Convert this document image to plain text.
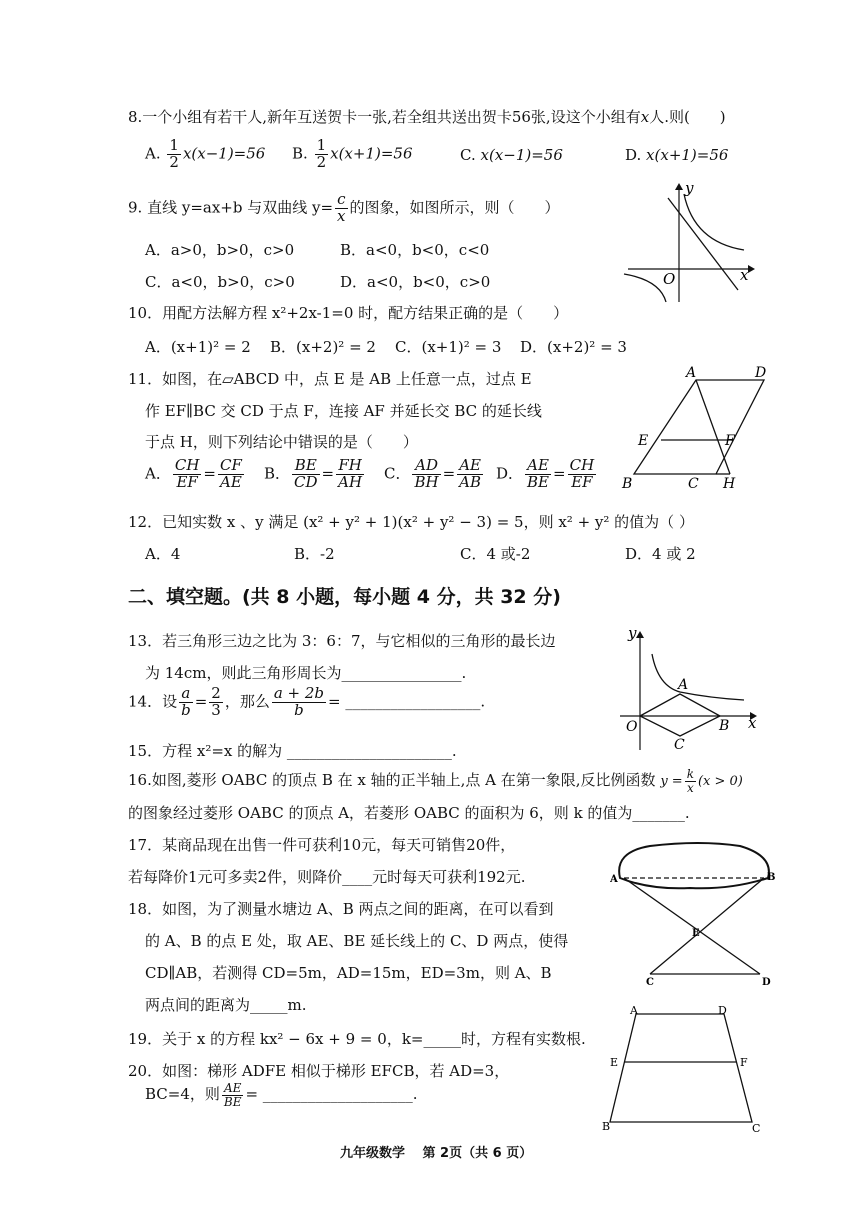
8.一个小组有若干人,新年互送贺卡一张,若全组共送出贺卡56张,设这个小组有x人.则(　　)
A. $\frac{1}{2} x(x-1)=56$ B. $\frac{1}{2} x(x+1)=56$	C. x(x−1)=56	D. x(x+1)=56
9. 直线 y=ax+b 与双曲线 $y= \frac{c}{x}$ 的图象，如图所示，则（　　）
A．a>0，b>0，c>0	B．a<0，b<0，c<0
C．a<0，b>0，c>0	D．a<0，b<0，c>0
y
x
O
10．用配方法解方程 x²+2x-1=0 时，配方结果正确的是（　　）
A．(x+1)² = 2 B．(x+2)² = 2 C．(x+1)² = 3 D．(x+2)² = 3
11．如图，在▱ABCD 中，点 E 是 AB 上任意一点，过点 E
作 EF∥BC 交 CD 于点 F，连接 AF 并延长交 BC 的延长线
于点 H，则下列结论中错误的是（　　）
A． $\frac{CH}{EF} = \frac{CF}{AE}$ B． $\frac{BE}{CD} = \frac{FH}{AH}$ C． $\frac{AD}{BH} = \frac{AE}{AB}$ D． $\frac{AE}{BE} = \frac{CH}{EF}$
A	D
E	F
B	C H
12．已知实数 x 、y 满足 (x² + y² + 1)(x² + y² − 3) = 5，则 x² + y² 的值为（ ）
A．4	B．-2	C．4 或-2	D．4 或 2
二、填空题。(共 8 小题，每小题 4 分，共 32 分)
13．若三角形三边之比为 3：6：7，与它相似的三角形的最长边
为 14cm，则此三角形周长为________________.
14．设 $\frac{a}{b} = \frac{2}{3}$ ，那么 $\frac{a + 2b}{b}$ = __________________.
15．方程 x²=x 的解为 ______________________.
y
x
O
A
B
C
16.如图,菱形 OABC 的顶点 B 在 x 轴的正半轴上,点 A 在第一象限,反比例函数 $y = \frac{k}{x} (x > 0)$
的图象经过菱形 OABC 的顶点 A，若菱形 OABC 的面积为 6，则 k 的值为_______.
17．某商品现在出售一件可获利10元，每天可销售20件，
若每降价1元可多卖2件，则降价____元时每天可获利192元.
18．如图，为了测量水塘边 A、B 两点之间的距离，在可以看到
的 A、B 的点 E 处，取 AE、BE 延长线上的 C、D 两点，使得
CD∥AB，若测得 CD=5m，AD=15m，ED=3m，则 A、B
两点间的距离为_____m.
A	B
E
C	D
19．关于 x 的方程 kx² − 6x + 9 = 0，k=_____时，方程有实数根.
20．如图：梯形 ADFE 相似于梯形 EFCB，若 AD=3，
BC=4，则 $\frac{AE}{BE}$ = ____________________.
A	D
E	F
B	C
九年级数学　 第 2页（共 6 页）
